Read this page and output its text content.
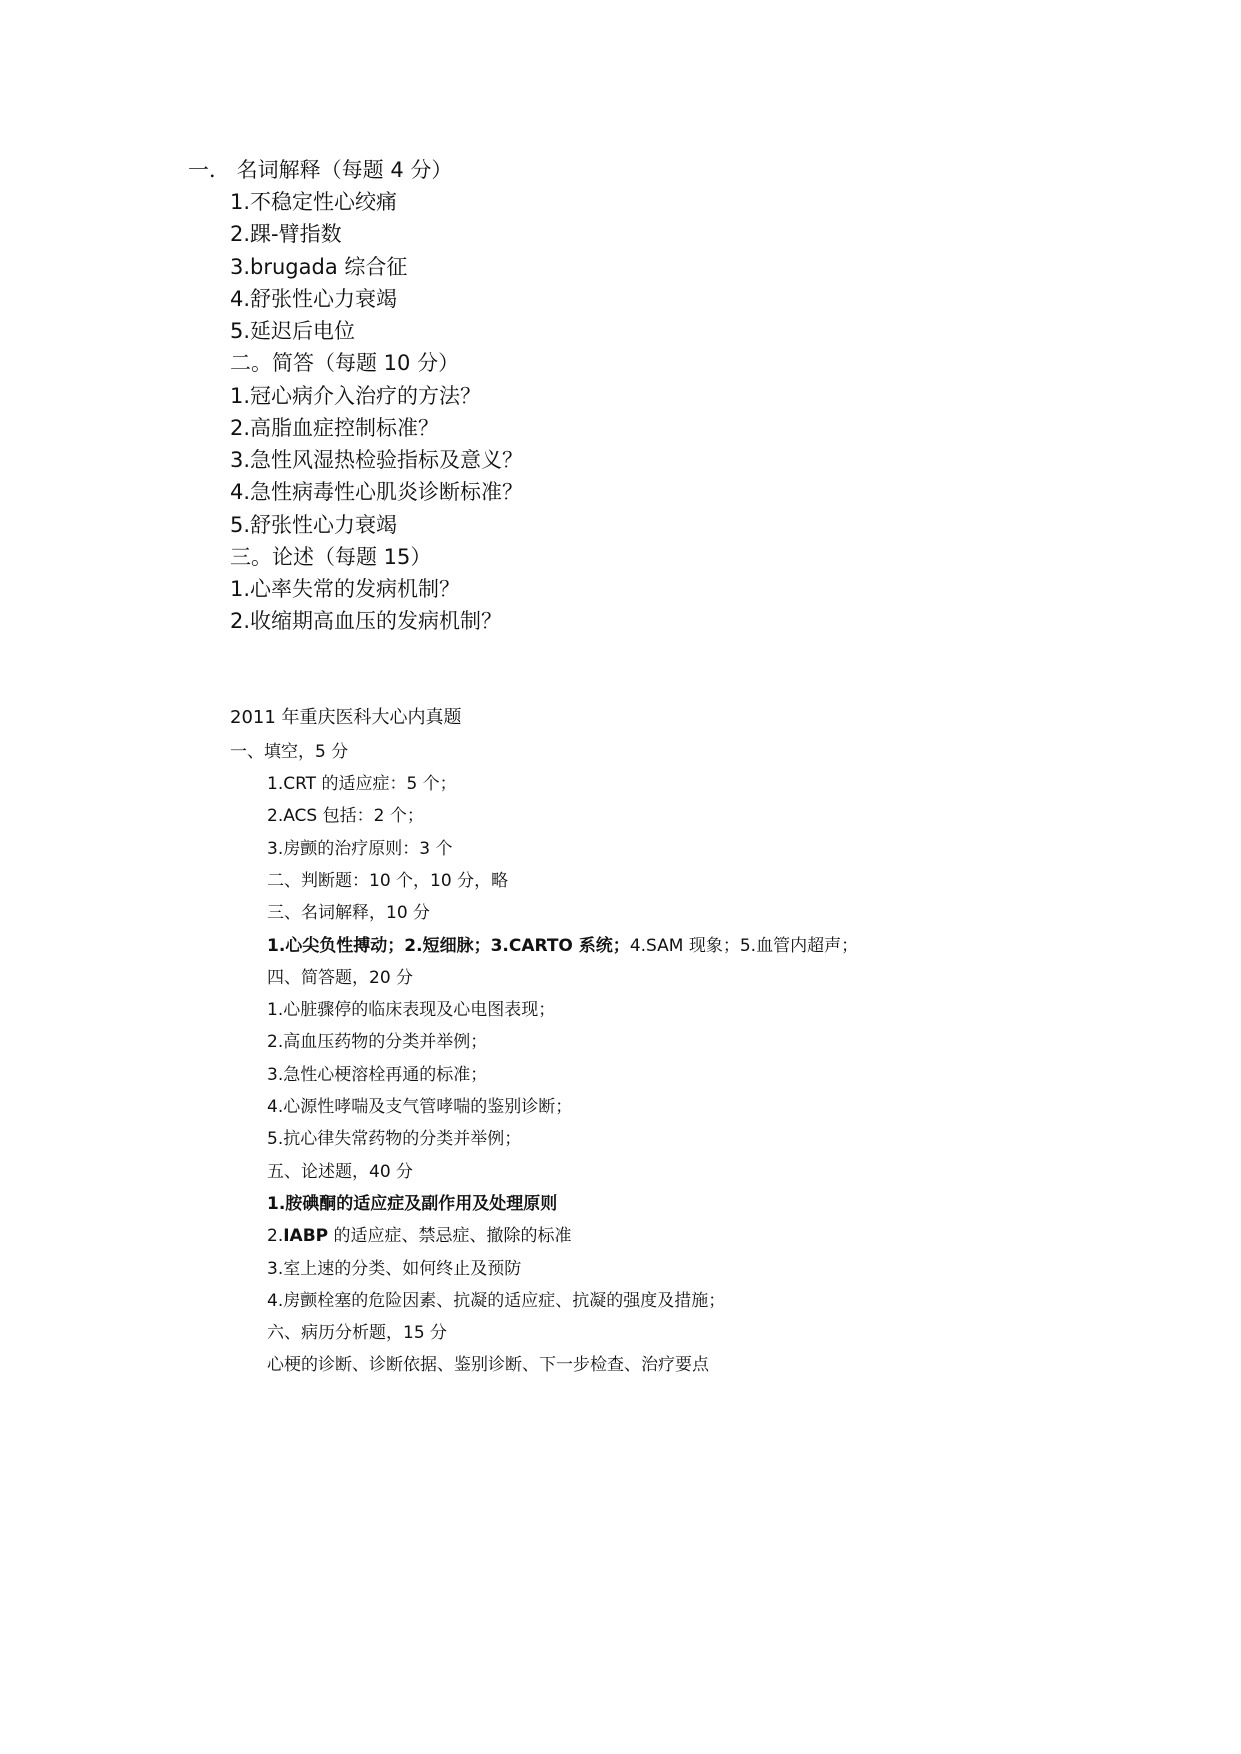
一． 名词解释（每题 4 分）
1.不稳定性心绞痛
2.踝-臂指数
3.brugada 综合征
4.舒张性心力衰竭
5.延迟后电位
二。简答（每题 10 分）
1.冠心病介入治疗的方法？
2.高脂血症控制标准？
3.急性风湿热检验指标及意义？
4.急性病毒性心肌炎诊断标准？
5.舒张性心力衰竭
三。论述（每题 15）
1.心率失常的发病机制？
2.收缩期高血压的发病机制？
2011 年重庆医科大心内真题
一、填空，5 分
1.CRT 的适应症：5 个；
2.ACS 包括：2 个；
3.房颤的治疗原则：3 个
二、判断题：10 个，10 分，略
三、名词解释，10 分
1.心尖负性搏动；2.短细脉；3.CARTO 系统；4.SAM 现象；5.血管内超声；
四、简答题，20 分
1.心脏骤停的临床表现及心电图表现；
2.高血压药物的分类并举例；
3.急性心梗溶栓再通的标准；
4.心源性哮喘及支气管哮喘的鉴别诊断；
5.抗心律失常药物的分类并举例；
五、论述题，40 分
1.胺碘酮的适应症及副作用及处理原则
2.IABP 的适应症、禁忌症、撤除的标准
3.室上速的分类、如何终止及预防
4.房颤栓塞的危险因素、抗凝的适应症、抗凝的强度及措施；
六、病历分析题，15 分
心梗的诊断、诊断依据、鉴别诊断、下一步检查、治疗要点
